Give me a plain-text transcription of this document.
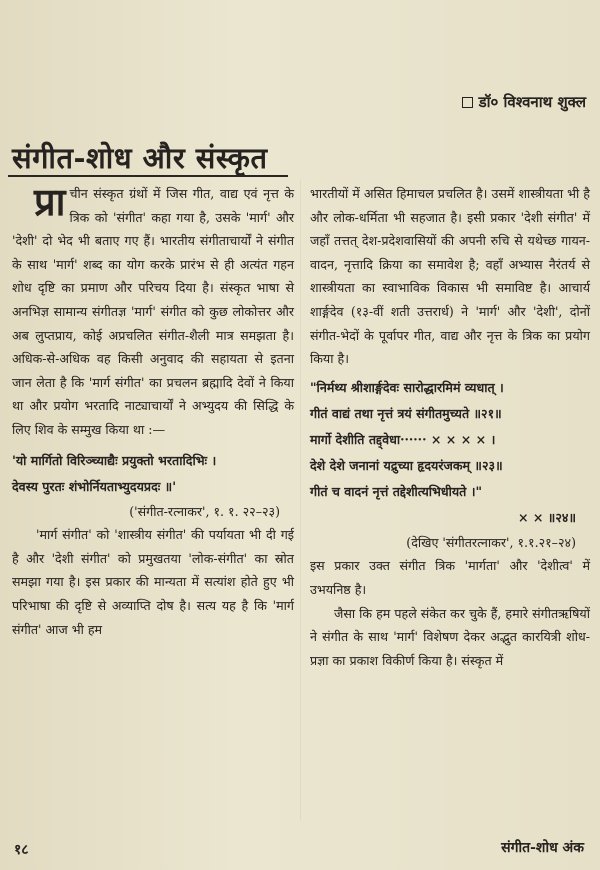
डॉ० विश्वनाथ शुक्ल
संगीत-शोध और संस्कृत

प्रा चीन संस्कृत ग्रंथों में जिस गीत, वाद्य एवं नृत्त के त्रिक को 'संगीत' कहा गया है, उसके 'मार्ग' और 'देशी' दो भेद भी बताए गए हैं। भारतीय संगीताचार्यों ने संगीत के साथ 'मार्ग' शब्द का योग करके प्रारंभ से ही अत्यंत गहन शोध दृष्टि का प्रमाण और परिचय दिया है। संस्कृत भाषा से अनभिज्ञ सामान्य संगीतज्ञ 'मार्ग' संगीत को कुछ लोकोत्तर और अब लुप्तप्राय, कोई अप्रचलित संगीत-शैली मात्र समझता है। अधिक-से-अधिक वह किसी अनुवाद की सहायता से इतना जान लेता है कि 'मार्ग संगीत' का प्रचलन ब्रह्मादि देवों ने किया था और प्रयोग भरतादि नाट्याचार्यों ने अभ्युदय की सिद्धि के लिए शिव के सम्मुख किया था :—

'यो मार्गितो विरिञ्च्याद्यैः प्रयुक्तो भरतादिभिः ।

देवस्य पुरतः शंभोर्नियताभ्युदयप्रदः ॥'

('संगीत-रत्नाकर', १. १. २२–२३)

'मार्ग संगीत' को 'शास्त्रीय संगीत' की पर्यायता भी दी गई है और 'देशी संगीत' को प्रमुखतया 'लोक-संगीत' का स्रोत समझा गया है। इस प्रकार की मान्यता में सत्यांश होते हुए भी परिभाषा की दृष्टि से अव्याप्ति दोष है। सत्य यह है कि 'मार्ग संगीत' आज भी हम

भारतीयों में असित हिमाचल प्रचलित है। उसमें शास्त्रीयता भी है और लोक-धर्मिता भी सहजात है। इसी प्रकार 'देशी संगीत' में जहाँ तत्तत् देश-प्रदेशवासियों की अपनी रुचि से यथेच्छ गायन-वादन, नृत्तादि क्रिया का समावेश है; वहाँ अभ्यास नैरंतर्य से शास्त्रीयता का स्वाभाविक विकास भी समाविष्ट है। आचार्य शार्ङ्गदेव (१३-वीं शती उत्तरार्ध) ने 'मार्ग' और 'देशी', दोनों संगीत-भेदों के पूर्वापर गीत, वाद्य और नृत्त के त्रिक का प्रयोग किया है।

"निर्मथ्य श्रीशार्ङ्गदेवः सारोद्धारमिमं व्यधात् ।

गीतं वाद्यं तथा नृत्तं त्रयं संगीतमुच्यते ॥२१॥

मार्गो देशीति तद्द्वेधा······ × × × × ।

देशे देशे जनानां यद्रुच्या हृदयरंजकम् ॥२३॥

गीतं च वादनं नृत्तं तद्देशीत्यभिधीयते ।"

× × ॥२४॥

(देखिए 'संगीतरत्नाकर', १.१.२१–२४)

इस प्रकार उक्त संगीत त्रिक 'मार्गता' और 'देशीत्व' में उभयनिष्ठ है।

जैसा कि हम पहले संकेत कर चुके हैं, हमारे संगीतऋषियों ने संगीत के साथ 'मार्ग' विशेषण देकर अद्भुत कारयित्री शोध-प्रज्ञा का प्रकाश विकीर्ण किया है। संस्कृत में

१८	संगीत-शोध अंक
